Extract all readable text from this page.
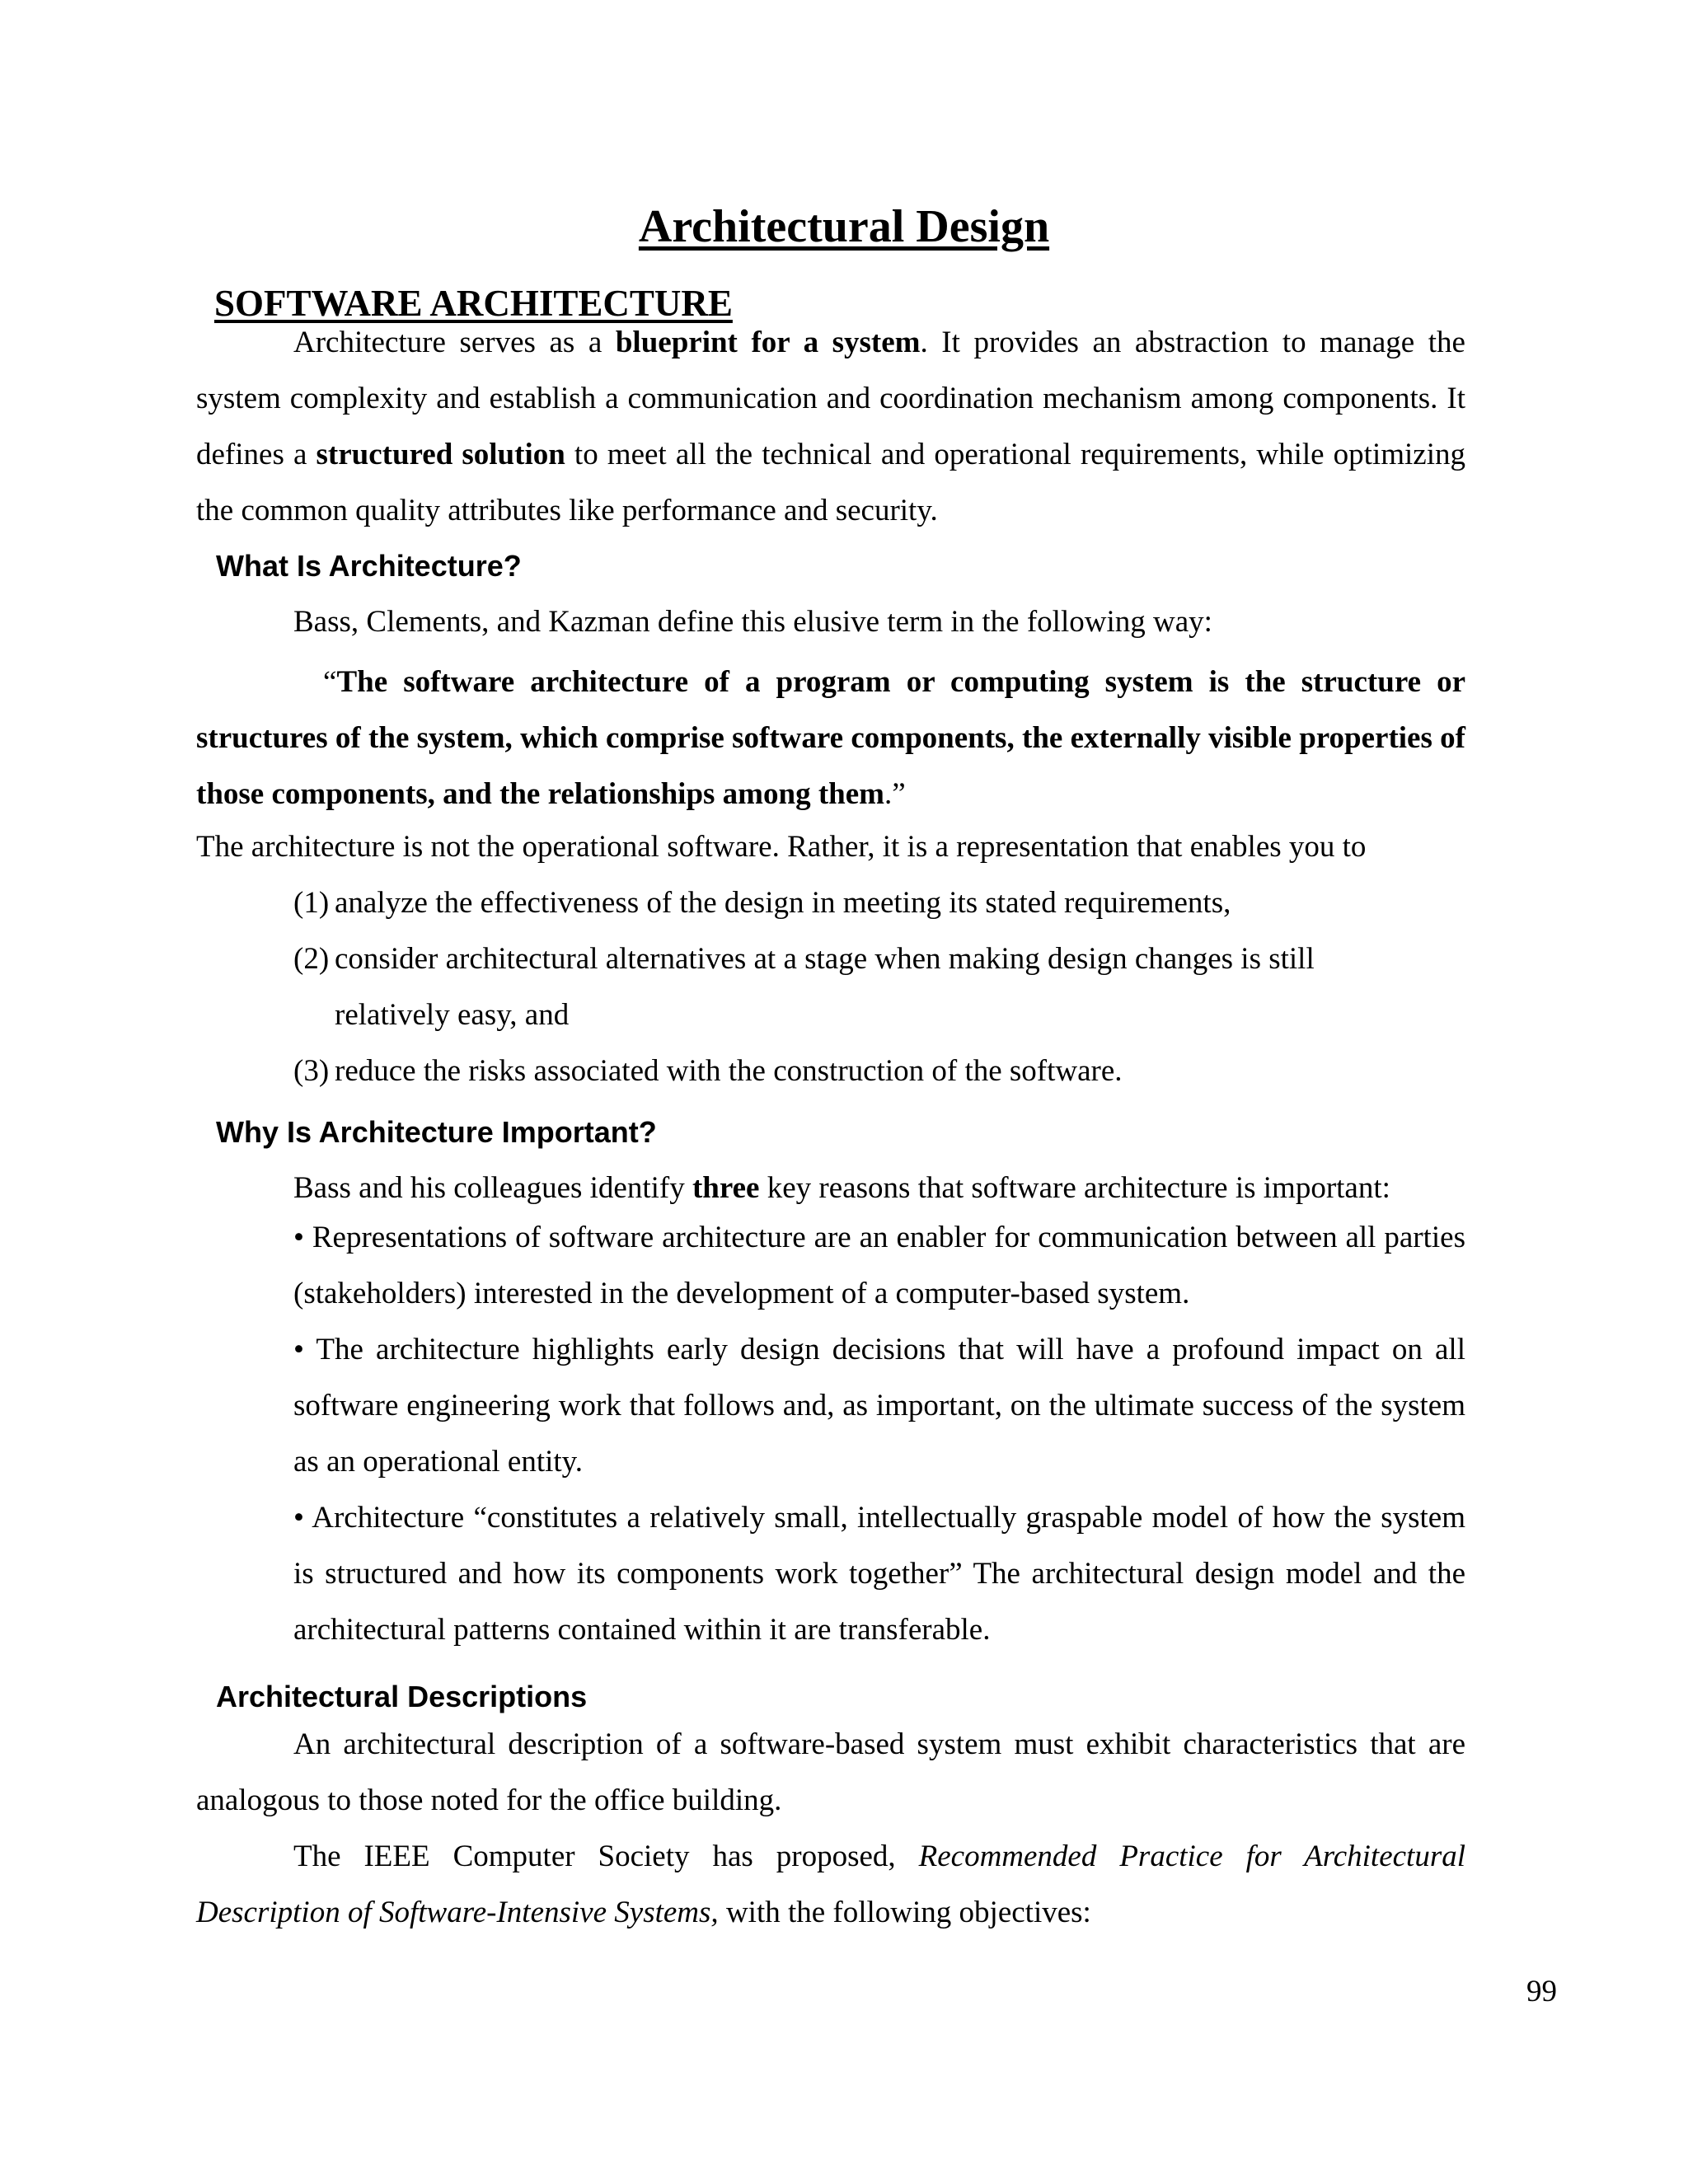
Architectural Design
SOFTWARE ARCHITECTURE
Architecture serves as a blueprint for a system. It provides an abstraction to manage the system complexity and establish a communication and coordination mechanism among components. It defines a structured solution to meet all the technical and operational requirements, while optimizing the common quality attributes like performance and security.
What Is Architecture?
Bass, Clements, and Kazman define this elusive term in the following way:
“The software architecture of a program or computing system is the structure or structures of the system, which comprise software components, the externally visible properties of those components, and the relationships among them.”
The architecture is not the operational software. Rather, it is a representation that enables you to
(1) analyze the effectiveness of the design in meeting its stated requirements,
(2) consider architectural alternatives at a stage when making design changes is still
relatively easy, and
(3) reduce the risks associated with the construction of the software.
Why Is Architecture Important?
Bass and his colleagues identify three key reasons that software architecture is important:
• Representations of software architecture are an enabler for communication between all parties (stakeholders) interested in the development of a computer-based system.
• The architecture highlights early design decisions that will have a profound impact on all software engineering work that follows and, as important, on the ultimate success of the system as an operational entity.
• Architecture “constitutes a relatively small, intellectually graspable model of how the system is structured and how its components work together” The architectural design model and the architectural patterns contained within it are transferable.
Architectural Descriptions
An architectural description of a software-based system must exhibit characteristics that are analogous to those noted for the office building.
The IEEE Computer Society has proposed, Recommended Practice for Architectural Description of Software-Intensive Systems, with the following objectives:
99
